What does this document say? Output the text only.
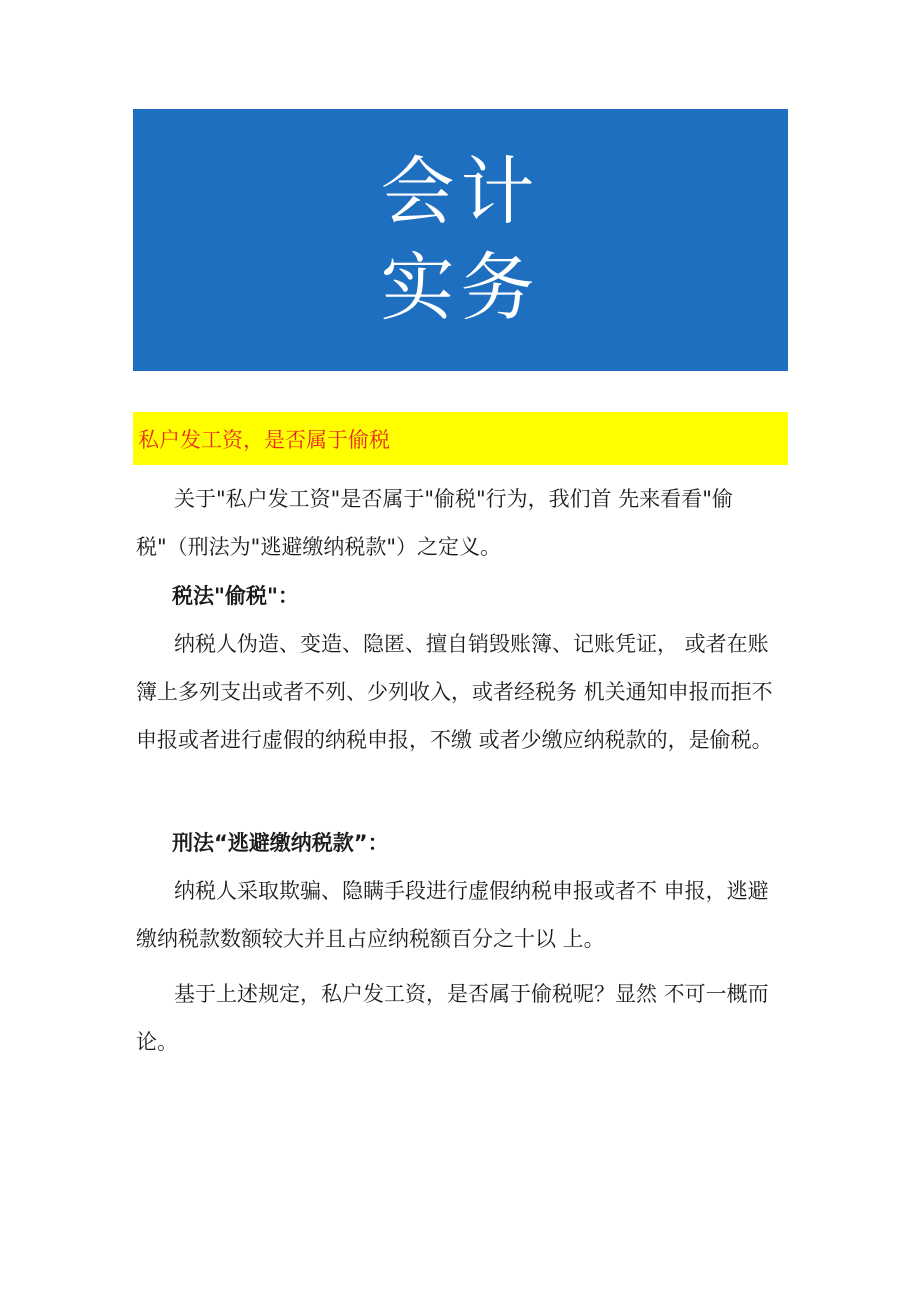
会计
实务
私户发工资，是否属于偷税

关于"私户发工资"是否属于"偷税"行为，我们首 先来看看"偷税"（刑法为"逃避缴纳税款"）之定义。

税法"偷税"：

纳税人伪造、变造、隐匿、擅自销毁账簿、记账凭证， 或者在账簿上多列支出或者不列、少列收入，或者经税务 机关通知申报而拒不申报或者进行虚假的纳税申报，不缴 或者少缴应纳税款的，是偷税。

刑法“逃避缴纳税款”：

纳税人采取欺骗、隐瞒手段进行虚假纳税申报或者不 申报，逃避缴纳税款数额较大并且占应纳税额百分之十以 上。

基于上述规定，私户发工资，是否属于偷税呢？显然 不可一概而论。
